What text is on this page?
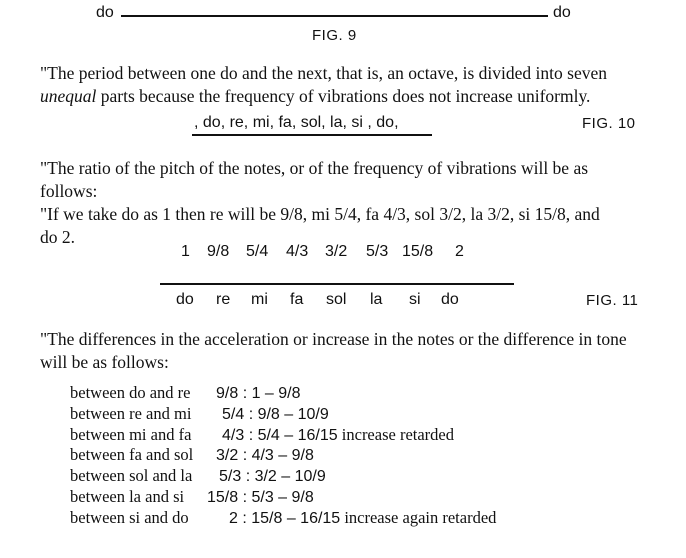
do	do
FIG. 9
"The period between one do and the next, that is, an octave, is divided into seven
unequal parts because the frequency of vibrations does not increase uniformly.
, do, re, mi, fa, sol, la, si , do,	FIG. 10
"The ratio of the pitch of the notes, or of the frequency of vibrations will be as
follows:
"If we take do as 1 then re will be 9/8, mi 5/4, fa 4/3, sol 3/2, la 3/2, si 15/8, and
do 2.
1 9/8 5/4 4/3 3/2 5/3 15/8 2
do re mi fa sol la si do	FIG. 11
"The differences in the acceleration or increase in the notes or the difference in tone
will be as follows:
between do and re 9/8 : 1 – 9/8
between re and mi 5/4 : 9/8 – 10/9
between mi and fa 4/3 : 5/4 – 16/15 increase retarded
between fa and sol 3/2 : 4/3 – 9/8
between sol and la 5/3 : 3/2 – 10/9
between la and si 15/8 : 5/3 – 9/8
between si and do	2 : 15/8 – 16/15 increase again retarded
